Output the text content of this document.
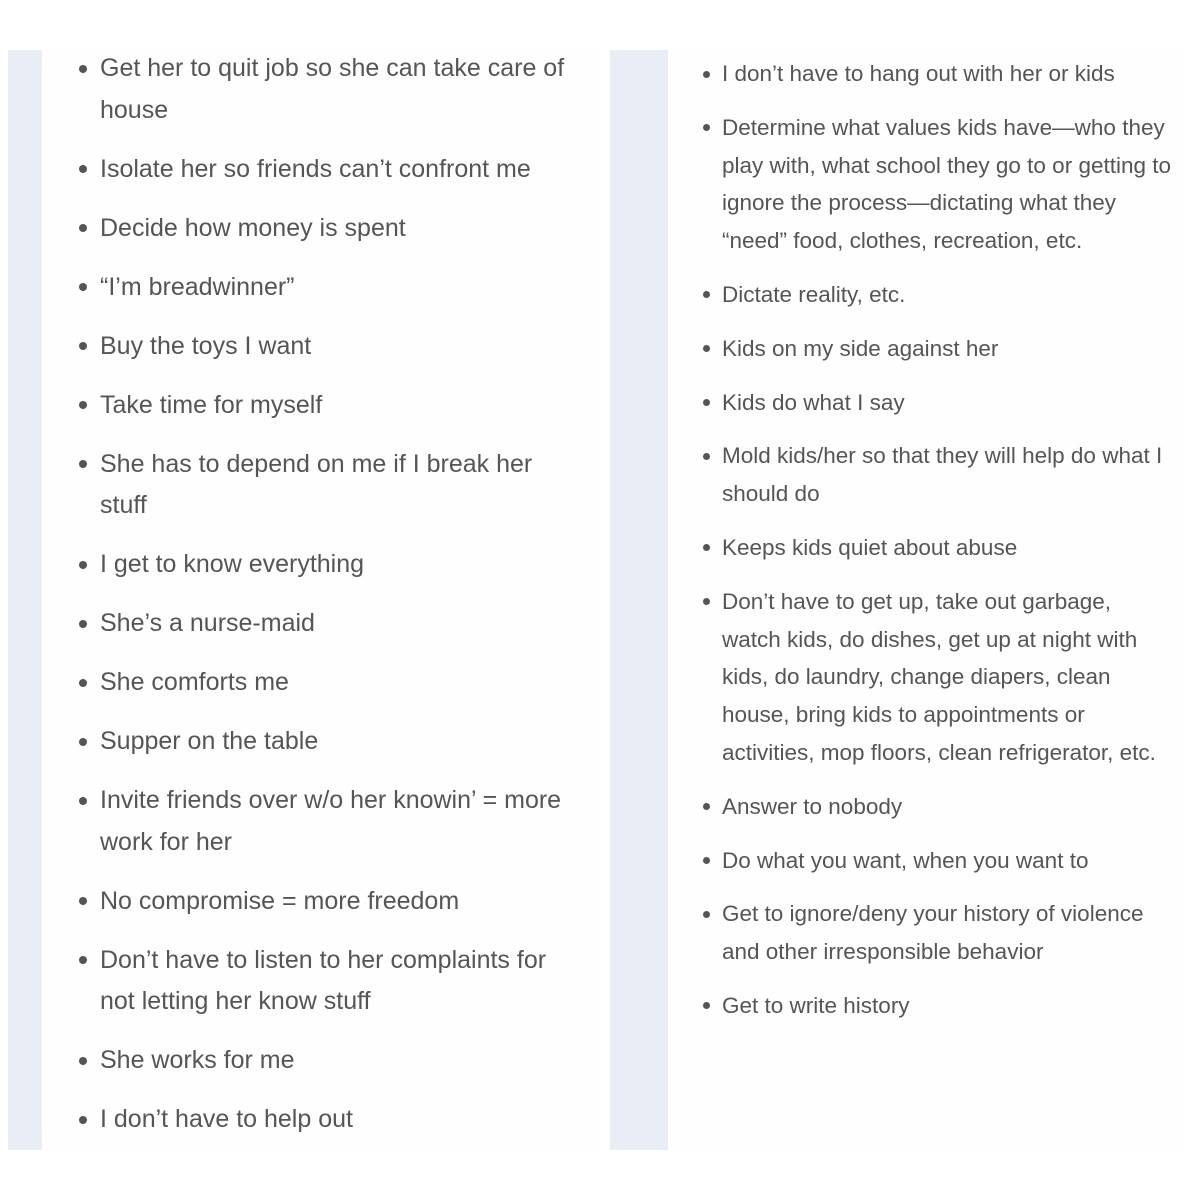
Get her to quit job so she can take care of house
Isolate her so friends can’t confront me
Decide how money is spent
“I’m breadwinner”
Buy the toys I want
Take time for myself
She has to depend on me if I break her stuff
I get to know everything
She’s a nurse-maid
She comforts me
Supper on the table
Invite friends over w/o her knowin’ = more work for her
No compromise = more freedom
Don’t have to listen to her complaints for not letting her know stuff
She works for me
I don’t have to help out
I don’t have to hang out with her or kids
Determine what values kids have—who they play with, what school they go to or getting to ignore the process—dictating what they “need” food, clothes, recreation, etc.
Dictate reality, etc.
Kids on my side against her
Kids do what I say
Mold kids/her so that they will help do what I should do
Keeps kids quiet about abuse
Don’t have to get up, take out garbage, watch kids, do dishes, get up at night with kids, do laundry, change diapers, clean house, bring kids to appointments or activities, mop floors, clean refrigerator, etc.
Answer to nobody
Do what you want, when you want to
Get to ignore/deny your history of violence and other irresponsible behavior
Get to write history
